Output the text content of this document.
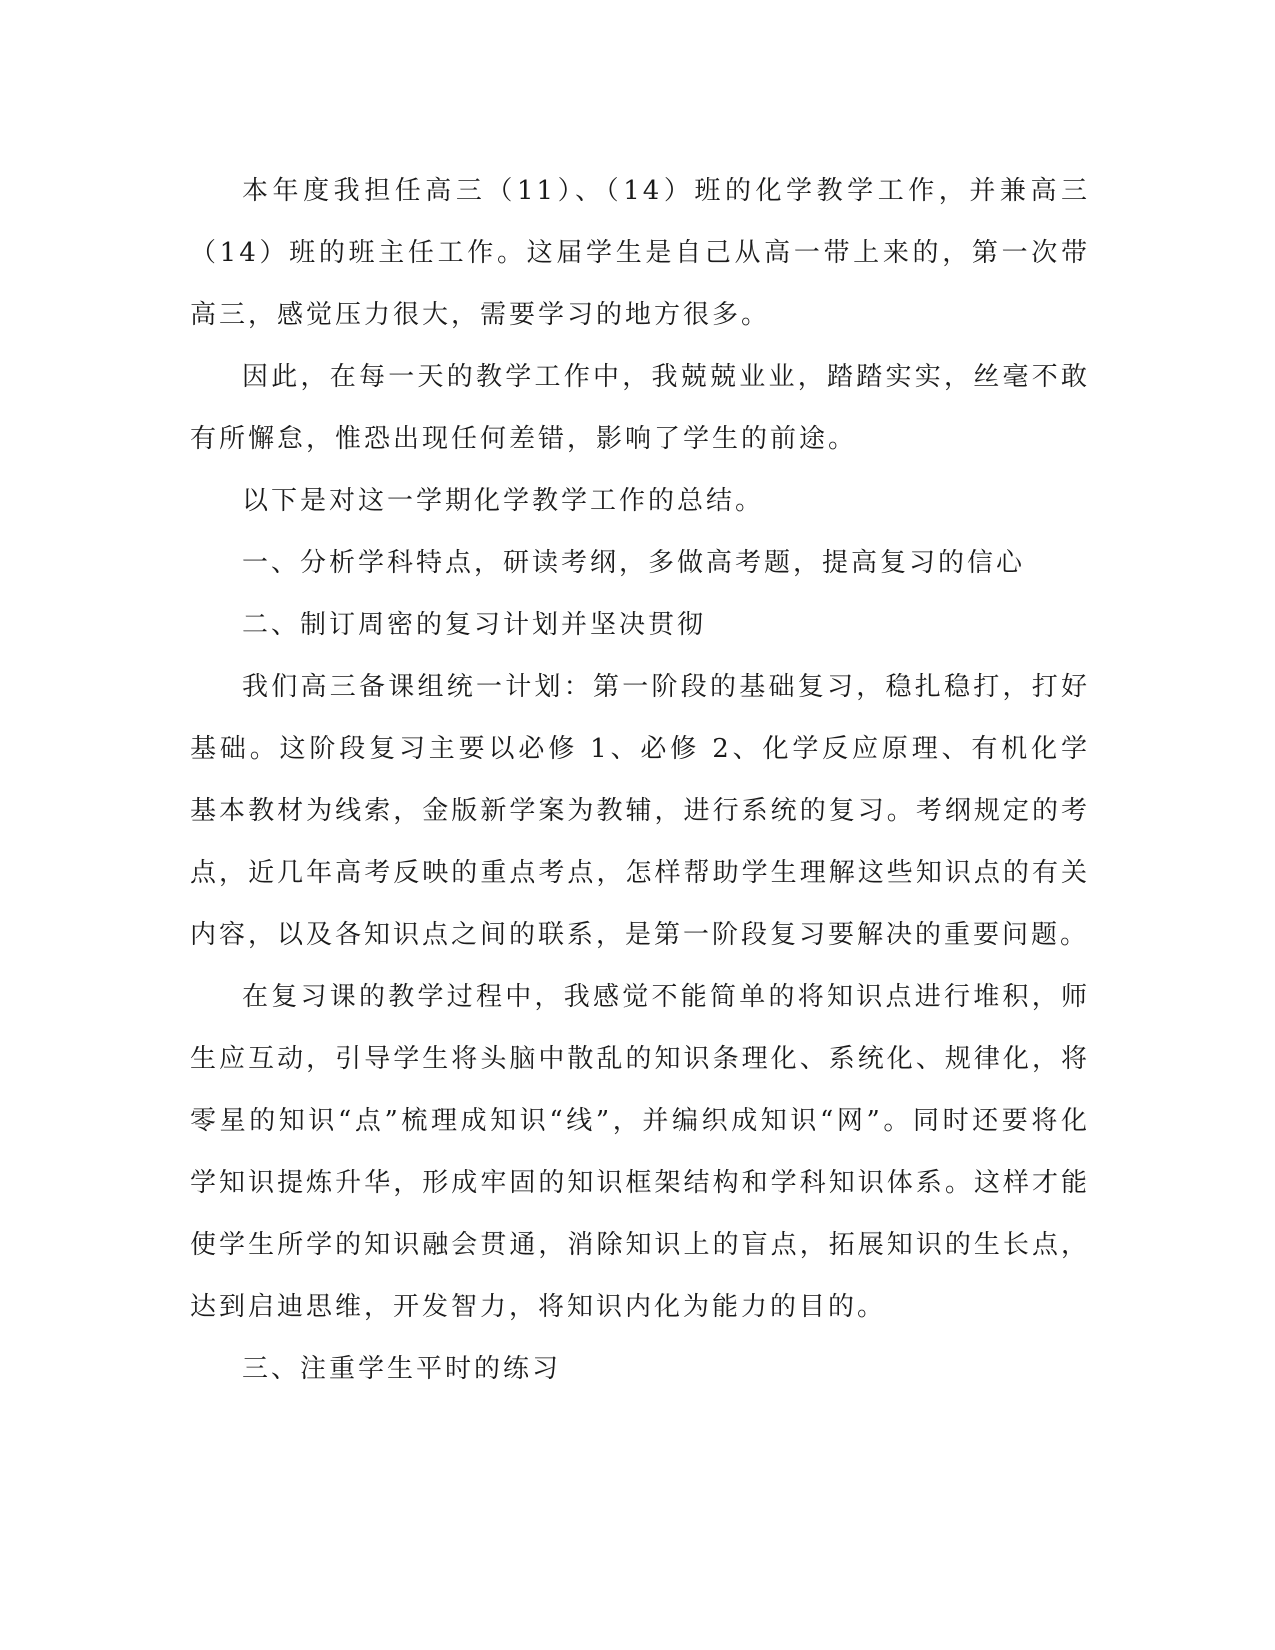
本年度我担任高三（11）、（14）班的化学教学工作，并兼高三（14）班的班主任工作。这届学生是自己从高一带上来的，第一次带高三，感觉压力很大，需要学习的地方很多。

因此，在每一天的教学工作中，我兢兢业业，踏踏实实，丝毫不敢有所懈怠，惟恐出现任何差错，影响了学生的前途。

以下是对这一学期化学教学工作的总结。

一、分析学科特点，研读考纲，多做高考题，提高复习的信心

二、制订周密的复习计划并坚决贯彻

我们高三备课组统一计划：第一阶段的基础复习，稳扎稳打，打好基础。这阶段复习主要以必修 1、必修 2、化学反应原理、有机化学基本教材为线索，金版新学案为教辅，进行系统的复习。考纲规定的考点，近几年高考反映的重点考点，怎样帮助学生理解这些知识点的有关内容，以及各知识点之间的联系，是第一阶段复习要解决的重要问题。

在复习课的教学过程中，我感觉不能简单的将知识点进行堆积，师生应互动，引导学生将头脑中散乱的知识条理化、系统化、规律化，将零星的知识“点”梳理成知识“线”，并编织成知识“网”。同时还要将化学知识提炼升华，形成牢固的知识框架结构和学科知识体系。这样才能使学生所学的知识融会贯通，消除知识上的盲点，拓展知识的生长点，达到启迪思维，开发智力，将知识内化为能力的目的。

三、注重学生平时的练习
